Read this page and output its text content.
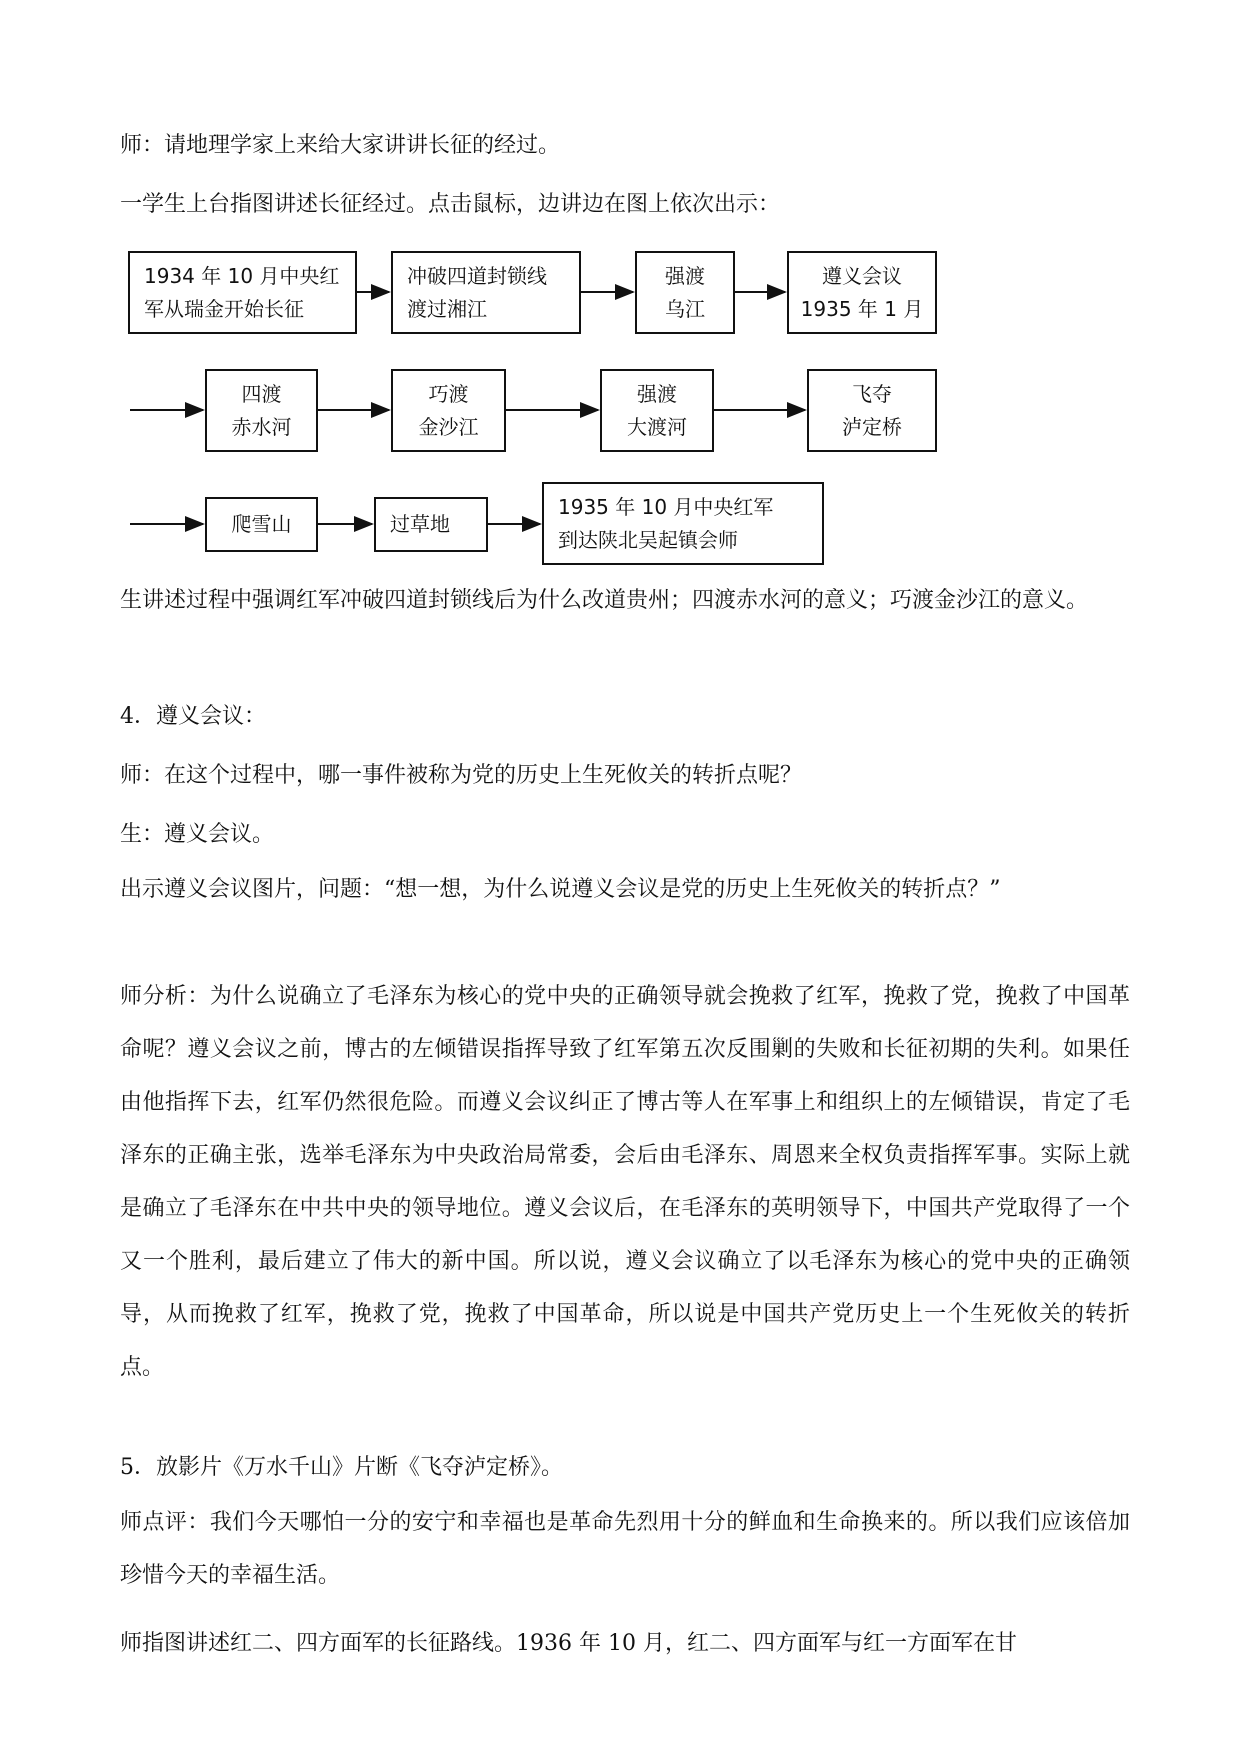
师：请地理学家上来给大家讲讲长征的经过。
一学生上台指图讲述长征经过。点击鼠标，边讲边在图上依次出示：
1934 年 10 月中央红
军从瑞金开始长征
冲破四道封锁线
渡过湘江
强渡
乌江
遵义会议
1935 年 1 月
四渡
赤水河
巧渡
金沙江
强渡
大渡河
飞夺
泸定桥
爬雪山	过草地
1935 年 10 月中央红军
到达陕北吴起镇会师
生讲述过程中强调红军冲破四道封锁线后为什么改道贵州；四渡赤水河的意义；巧渡金沙江的意义。
4．遵义会议：
师：在这个过程中，哪一事件被称为党的历史上生死攸关的转折点呢？
生：遵义会议。
出示遵义会议图片，问题：“想一想，为什么说遵义会议是党的历史上生死攸关的转折点？”
师分析：为什么说确立了毛泽东为核心的党中央的正确领导就会挽救了红军，挽救了党，挽救了中国革命呢？遵义会议之前，博古的左倾错误指挥导致了红军第五次反围剿的失败和长征初期的失利。如果任由他指挥下去，红军仍然很危险。而遵义会议纠正了博古等人在军事上和组织上的左倾错误，肯定了毛泽东的正确主张，选举毛泽东为中央政治局常委，会后由毛泽东、周恩来全权负责指挥军事。实际上就是确立了毛泽东在中共中央的领导地位。遵义会议后，在毛泽东的英明领导下，中国共产党取得了一个又一个胜利，最后建立了伟大的新中国。所以说，遵义会议确立了以毛泽东为核心的党中央的正确领导，从而挽救了红军，挽救了党，挽救了中国革命，所以说是中国共产党历史上一个生死攸关的转折点。
5．放影片《万水千山》片断《飞夺泸定桥》。
师点评：我们今天哪怕一分的安宁和幸福也是革命先烈用十分的鲜血和生命换来的。所以我们应该倍加珍惜今天的幸福生活。
师指图讲述红二、四方面军的长征路线。1936 年 10 月，红二、四方面军与红一方面军在甘
